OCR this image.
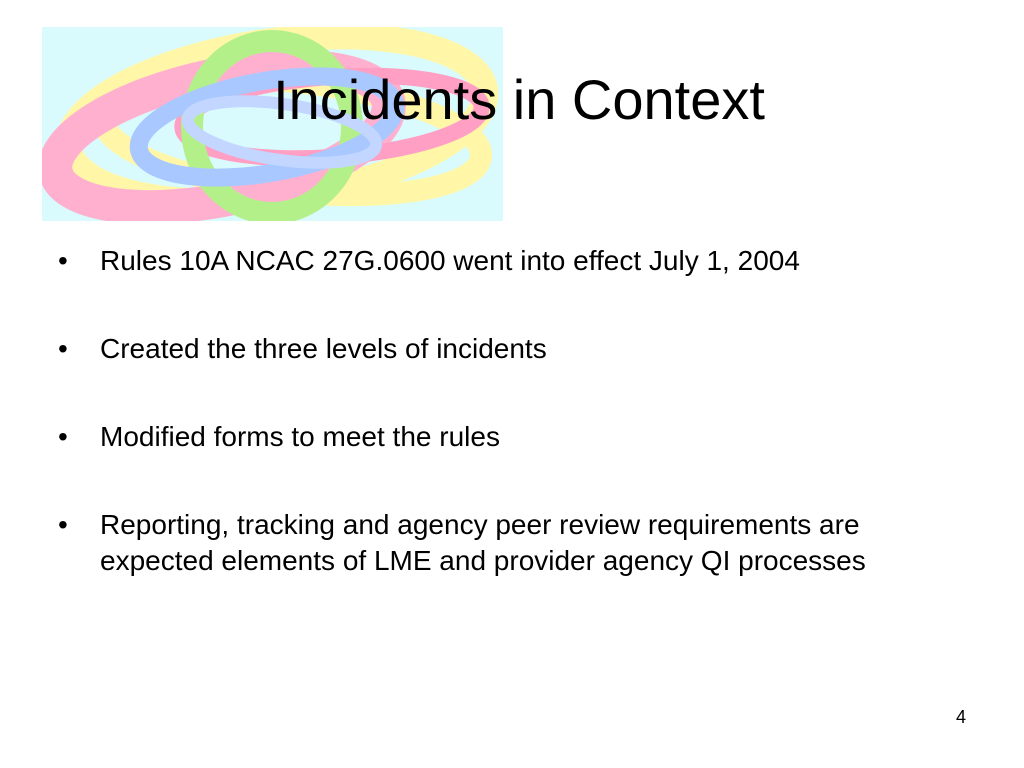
Incidents in Context
•	Rules 10A NCAC 27G.0600 went into effect July 1, 2004
•	Created the three levels of incidents
•	Modified forms to meet the rules
•	Reporting, tracking and agency peer review requirements are expected elements of LME and provider agency QI processes
4
